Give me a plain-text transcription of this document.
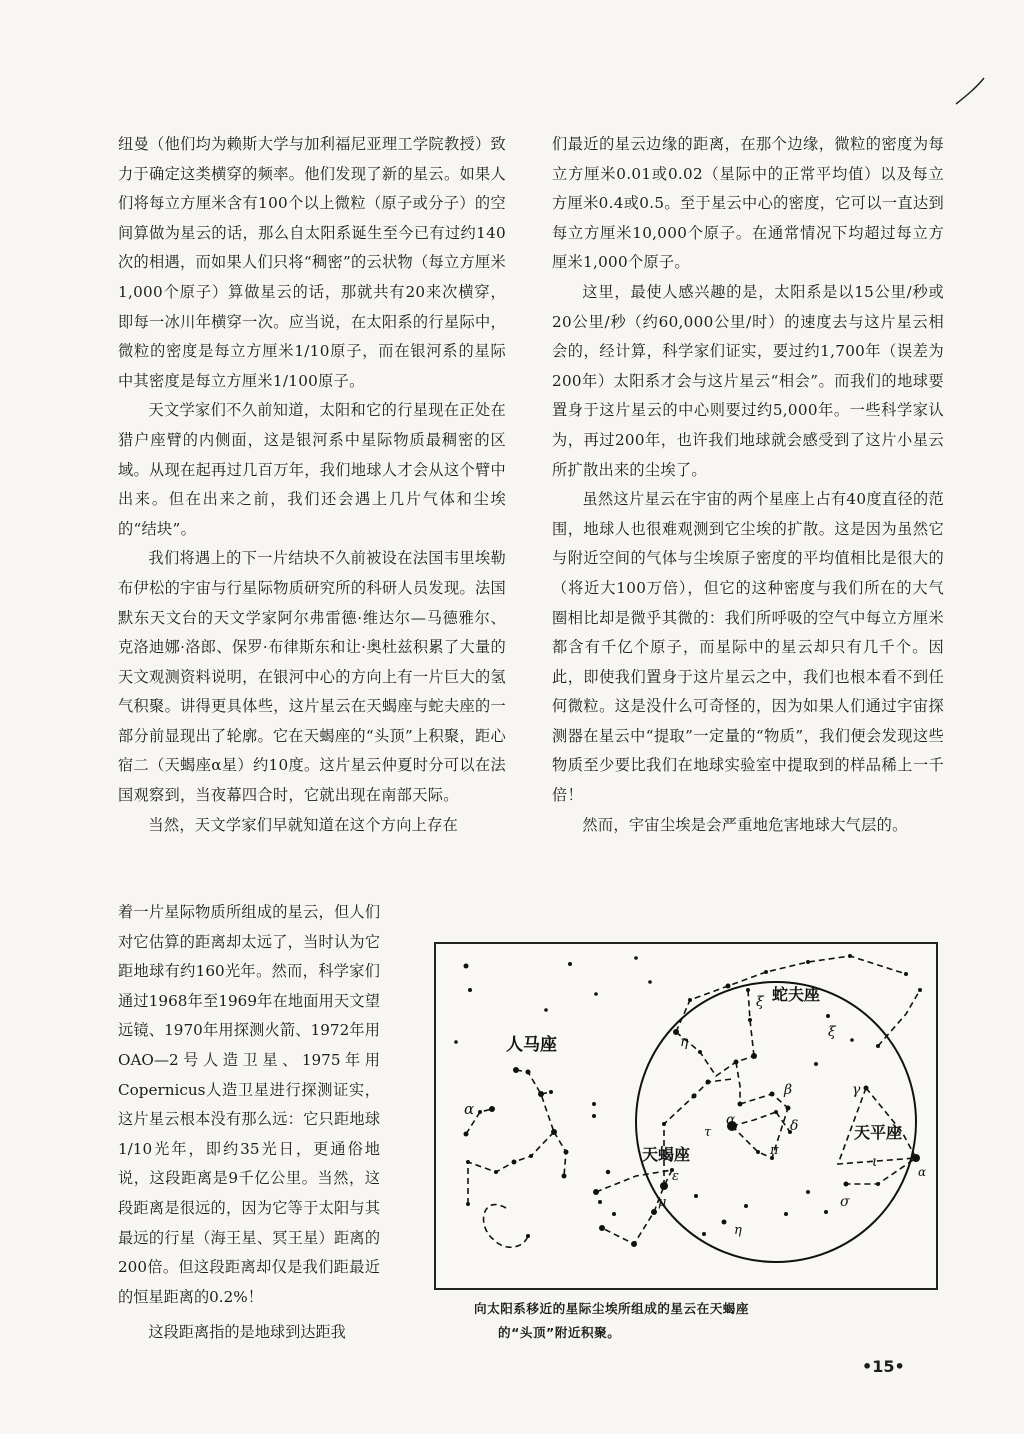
纽曼（他们均为赖斯大学与加利福尼亚理工学院教授）致力于确定这类横穿的频率。他们发现了新的星云。如果人们将每立方厘米含有100个以上微粒（原子或分子）的空间算做为星云的话，那么自太阳系诞生至今已有过约140次的相遇，而如果人们只将“稠密”的云状物（每立方厘米1,000个原子）算做星云的话，那就共有20来次横穿，即每一冰川年横穿一次。应当说，在太阳系的行星际中，微粒的密度是每立方厘米1/10原子，而在银河系的星际中其密度是每立方厘米1/100原子。

天文学家们不久前知道，太阳和它的行星现在正处在猎户座臂的内侧面，这是银河系中星际物质最稠密的区域。从现在起再过几百万年，我们地球人才会从这个臂中出来。但在出来之前，我们还会遇上几片气体和尘埃的“结块”。

我们将遇上的下一片结块不久前被设在法国韦里埃勒布伊松的宇宙与行星际物质研究所的科研人员发现。法国默东天文台的天文学家阿尔弗雷德·维达尔—马德雅尔、克洛迪娜·洛郎、保罗·布律斯东和让·奥杜兹积累了大量的天文观测资料说明，在银河中心的方向上有一片巨大的氢气积聚。讲得更具体些，这片星云在天蝎座与蛇夫座的一部分前显现出了轮廓。它在天蝎座的“头顶”上积聚，距心宿二（天蝎座α星）约10度。这片星云仲夏时分可以在法国观察到，当夜幕四合时，它就出现在南部天际。

当然，天文学家们早就知道在这个方向上存在

着一片星际物质所组成的星云，但人们对它估算的距离却太远了，当时认为它距地球有约160光年。然而，科学家们通过1968年至1969年在地面用天文望远镜、1970年用探测火箭、1972年用OAO—2号人造卫星、1975年用Copernicus人造卫星进行探测证实，这片星云根本没有那么远：它只距地球1/10光年，即约35光日，更通俗地说，这段距离是9千亿公里。当然，这段距离是很远的，因为它等于太阳与其最远的行星（海王星、冥王星）距离的200倍。但这段距离却仅是我们距最近的恒星距离的0.2%！

这段距离指的是地球到达距我

们最近的星云边缘的距离，在那个边缘，微粒的密度为每立方厘米0.01或0.02（星际中的正常平均值）以及每立方厘米0.4或0.5。至于星云中心的密度，它可以一直达到每立方厘米10,000个原子。在通常情况下均超过每立方厘米1,000个原子。

这里，最使人感兴趣的是，太阳系是以15公里/秒或20公里/秒（约60,000公里/时）的速度去与这片星云相会的，经计算，科学家们证实，要过约1,700年（误差为200年）太阳系才会与这片星云“相会”。而我们的地球要置身于这片星云的中心则要过约5,000年。一些科学家认为，再过200年，也许我们地球就会感受到了这片小星云所扩散出来的尘埃了。

虽然这片星云在宇宙的两个星座上占有40度直径的范围，地球人也很难观测到它尘埃的扩散。这是因为虽然它与附近空间的气体与尘埃原子密度的平均值相比是很大的（将近大100万倍），但它的这种密度与我们所在的大气圈相比却是微乎其微的：我们所呼吸的空气中每立方厘米都含有千亿个原子，而星际中的星云却只有几千个。因此，即使我们置身于这片星云之中，我们也根本看不到任何微粒。这是没什么可奇怪的，因为如果人们通过宇宙探测器在星云中“提取”一定量的“物质”，我们便会发现这些物质至少要比我们在地球实验室中提取到的样品稀上一千倍！

然而，宇宙尘埃是会严重地危害地球大气层的。

人马座
蛇夫座
天蝎座
天平座
ξ
η
ξ
α
β
δ
α
τ
π
ε
μ
η
γ
ι
α
σ
向太阳系移近的星际尘埃所组成的星云在天蝎座
的“头顶”附近积聚。
•15•
